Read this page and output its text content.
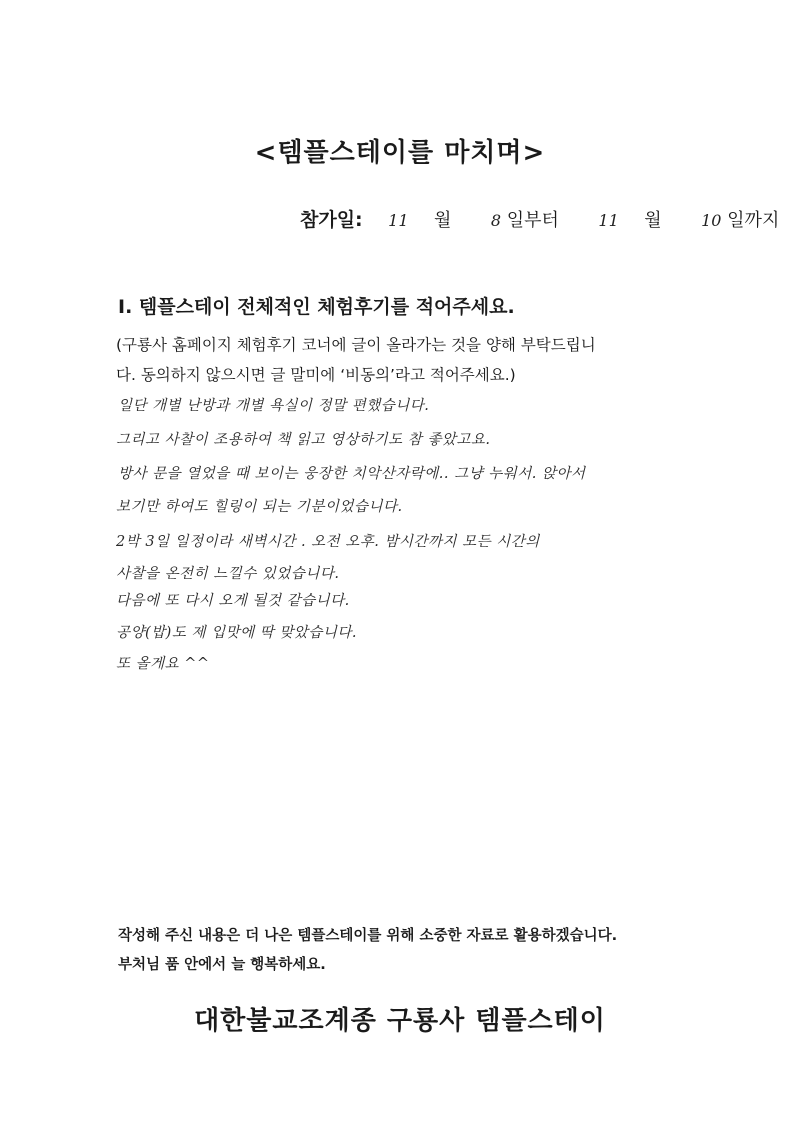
<템플스테이를 마치며>
참가일: 11 월 8 일부터 11 월 10 일까지
Ⅰ. 템플스테이 전체적인 체험후기를 적어주세요.
(구룡사 홈페이지 체험후기 코너에 글이 올라가는 것을 양해 부탁드립니
다. 동의하지 않으시면 글 말미에 ‘비동의’라고 적어주세요.)
일단 개별 난방과 개별 욕실이 정말 편했습니다.
그리고 사찰이 조용하여 책 읽고 영상하기도 참 좋았고요.
방사 문을 열었을 때 보이는 웅장한 치악산자락에.. 그냥 누워서. 앉아서
보기만 하여도 힐링이 되는 기분이었습니다.
2박 3일 일정이라 새벽시간 . 오전 오후. 밤시간까지 모든 시간의
사찰을 온전히 느낄수 있었습니다.
다음에 또 다시 오게 될것 같습니다.
공양(밥)도 제 입맛에 딱 맞았습니다.
또 올게요 ^^
작성해 주신 내용은 더 나은 템플스테이를 위해 소중한 자료로 활용하겠습니다.
부처님 품 안에서 늘 행복하세요.
대한불교조계종 구룡사 템플스테이
